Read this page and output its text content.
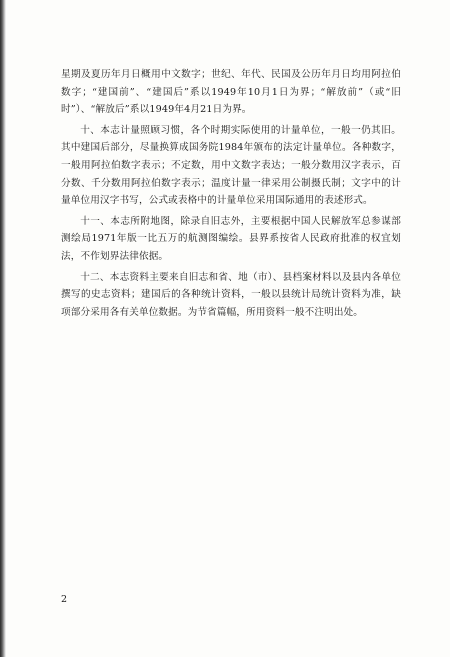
星期及夏历年月日概用中文数字；世纪、年代、民国及公历年月日均用阿拉伯数字；“建国前”、“建国后”系以1949年10月1日为界；“解放前”（或“旧时”）、“解放后”系以1949年4月21日为界。

十、本志计量照顾习惯，各个时期实际使用的计量单位，一般一仍其旧。其中建国后部分，尽量换算成国务院1984年颁布的法定计量单位。各种数字，一般用阿拉伯数字表示；不定数，用中文数字表达；一般分数用汉字表示，百分数、千分数用阿拉伯数字表示；温度计量一律采用公制摄氏制；文字中的计量单位用汉字书写，公式或表格中的计量单位采用国际通用的表述形式。

十一、本志所附地图，除录自旧志外，主要根据中国人民解放军总参谋部测绘局1971年版一比五万的航测图编绘。县界系按省人民政府批准的权宜划法，不作划界法律依据。

十二、本志资料主要来自旧志和省、地（市）、县档案材料以及县内各单位撰写的史志资料；建国后的各种统计资料，一般以县统计局统计资料为准，缺项部分采用各有关单位数据。为节省篇幅，所用资料一般不注明出处。

2
